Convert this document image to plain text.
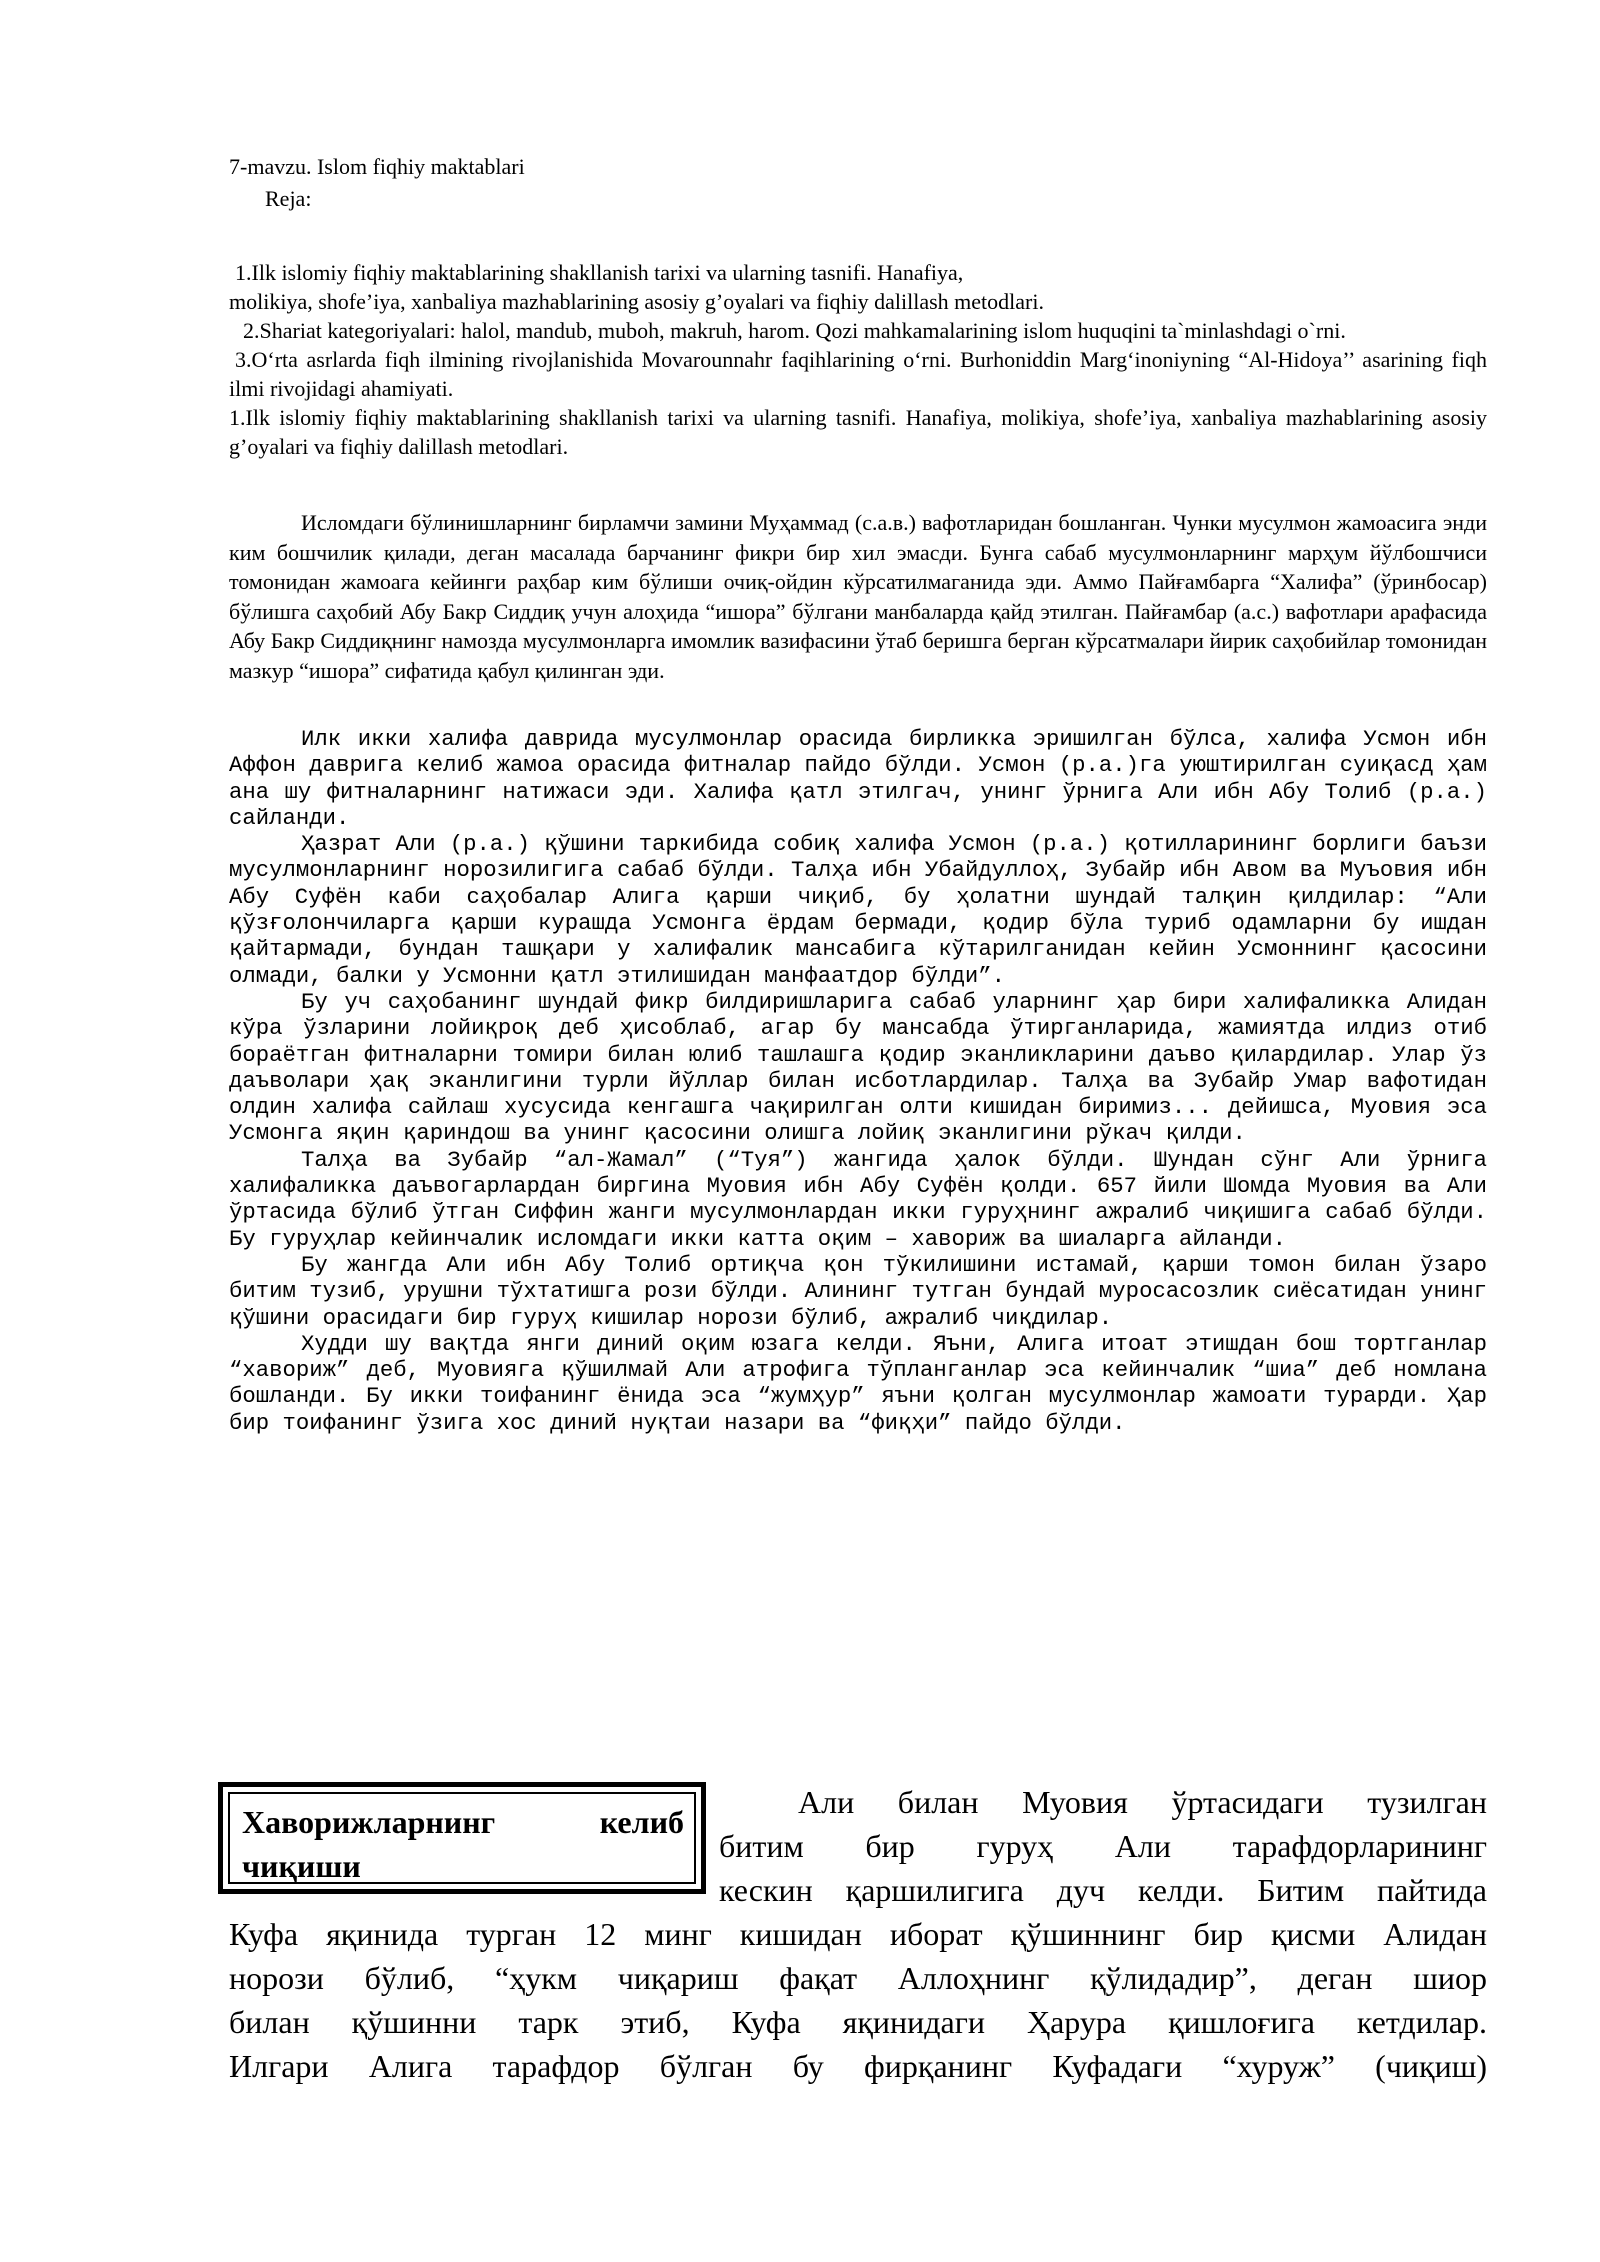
7-mavzu. Islom fiqhiy maktablari
Reja:

1.Ilk islomiy fiqhiy maktablarining shakllanish tarixi va ularning tasnifi. Hanafiya,

molikiya, shofe’iya, xanbaliya mazhablarining asosiy g’oyalari va fiqhiy dalillash metodlari.

2.Shariat kategoriyalari: halol, mandub, muboh, makruh, harom. Qozi mahkamalarining islom huquqini ta`minlashdagi o`rni.

3.O‘rta asrlarda fiqh ilmining rivojlanishida Movarounnahr faqihlarining o‘rni. Burhoniddin Marg‘inoniyning “Al-Hidoya’’ asarining fiqh ilmi rivojidagi ahamiyati.

1.Ilk islomiy fiqhiy maktablarining shakllanish tarixi va ularning tasnifi. Hanafiya, molikiya, shofe’iya, xanbaliya mazhablarining asosiy g’oyalari va fiqhiy dalillash metodlari.

Исломдаги бўлинишларнинг бирламчи замини Муҳаммад (с.а.в.) вафотларидан бошланган. Чунки мусулмон жамоасига энди ким бошчилик қилади, деган масалада барчанинг фикри бир хил эмасди. Бунга сабаб мусулмонларнинг марҳум йўлбошчиси томонидан жамоага кейинги раҳбар ким бўлиши очиқ-ойдин кўрсатилмаганида эди. Аммо Пайғамбарга “Халифа” (ўринбосар) бўлишга саҳобий Абу Бакр Сиддиқ учун алоҳида “ишора” бўлгани манбаларда қайд этилган. Пайғамбар (а.с.) вафотлари арафасида Абу Бакр Сиддиқнинг намозда мусулмонларга имомлик вазифасини ўтаб беришга берган кўрсатмалари йирик саҳобийлар томонидан мазкур “ишора” сифатида қабул қилинган эди.

Илк икки халифа даврида мусулмонлар орасида бирликка эришилган бўлса, халифа Усмон ибн Аффон даврига келиб жамоа орасида фитналар пайдо бўлди. Усмон (р.а.)га уюштирилган суиқасд ҳам ана шу фитналарнинг натижаси эди. Халифа қатл этилгач, унинг ўрнига Али ибн Абу Толиб (р.а.) сайланди.

Ҳазрат Али (р.а.) қўшини таркибида собиқ халифа Усмон (р.а.) қотилларининг борлиги баъзи мусулмонларнинг норозилигига сабаб бўлди. Талҳа ибн Убайдуллоҳ, Зубайр ибн Авом ва Муъовия ибн Абу Суфён каби саҳобалар Алига қарши чиқиб, бу ҳолатни шундай талқин қилдилар: “Али қўзғолончиларга қарши курашда Усмонга ёрдам бермади, қодир бўла туриб одамларни бу ишдан қайтармади, бундан ташқари у халифалик мансабига кўтарилганидан кейин Усмоннинг қасосини олмади, балки у Усмонни қатл этилишидан манфаатдор бўлди”.

Бу уч саҳобанинг шундай фикр билдиришларига сабаб уларнинг ҳар бири халифаликка Алидан кўра ўзларини лойиқроқ деб ҳисоблаб, агар бу мансабда ўтирганларида, жамиятда илдиз отиб бораётган фитналарни томири билан юлиб ташлашга қодир эканликларини даъво қилардилар. Улар ўз даъволари ҳақ эканлигини турли йўллар билан исботлардилар. Талҳа ва Зубайр Умар вафотидан олдин халифа сайлаш хусусида кенгашга чақирилган олти кишидан биримиз... дейишса, Муовия эса Усмонга яқин қариндош ва унинг қасосини олишга лойиқ эканлигини рўкач қилди.

Талҳа ва Зубайр “ал-Жамал” (“Туя”) жангида ҳалок бўлди. Шундан сўнг Али ўрнига халифаликка даъвогарлардан биргина Муовия ибн Абу Суфён қолди. 657 йили Шомда Муовия ва Али ўртасида бўлиб ўтган Сиффин жанги мусулмонлардан икки гуруҳнинг ажралиб чиқишига сабаб бўлди. Бу гуруҳлар кейинчалик исломдаги икки катта оқим – хавориж ва шиаларга айланди.

Бу жангда Али ибн Абу Толиб ортиқча қон тўкилишини истамай, қарши томон билан ўзаро битим тузиб, урушни тўхтатишга рози бўлди. Алининг тутган бундай муросасозлик сиёсатидан унинг қўшини орасидаги бир гуруҳ кишилар норози бўлиб, ажралиб чиқдилар.

Худди шу вақтда янги диний оқим юзага келди. Яъни, Алига итоат этишдан бош тортганлар “хавориж” деб, Муовияга қўшилмай Али атрофига тўпланганлар эса кейинчалик “шиа” деб номлана бошланди. Бу икки тоифанинг ёнида эса “жумҳур” яъни қолган мусулмонлар жамоати турарди. Ҳар бир тоифанинг ўзига хос диний нуқтаи назари ва “фиқҳи” пайдо бўлди.

Хаворижларнинг	келиб
чиқиши
Али билан Муовия ўртасидаги тузилган
битим бир гуруҳ Али тарафдорларининг
кескин қаршилигига дуч келди. Битим пайтида
Куфа яқинида турган 12 минг кишидан иборат қўшиннинг бир қисми Алидан
норози бўлиб, “ҳукм чиқариш фақат Аллоҳнинг қўлидадир”, деган шиор
билан қўшинни тарк этиб, Куфа яқинидаги Ҳарура қишлоғига кетдилар.
Илгари Алига тарафдор бўлган бу фирқанинг Куфадаги “хуруж” (чиқиш)
